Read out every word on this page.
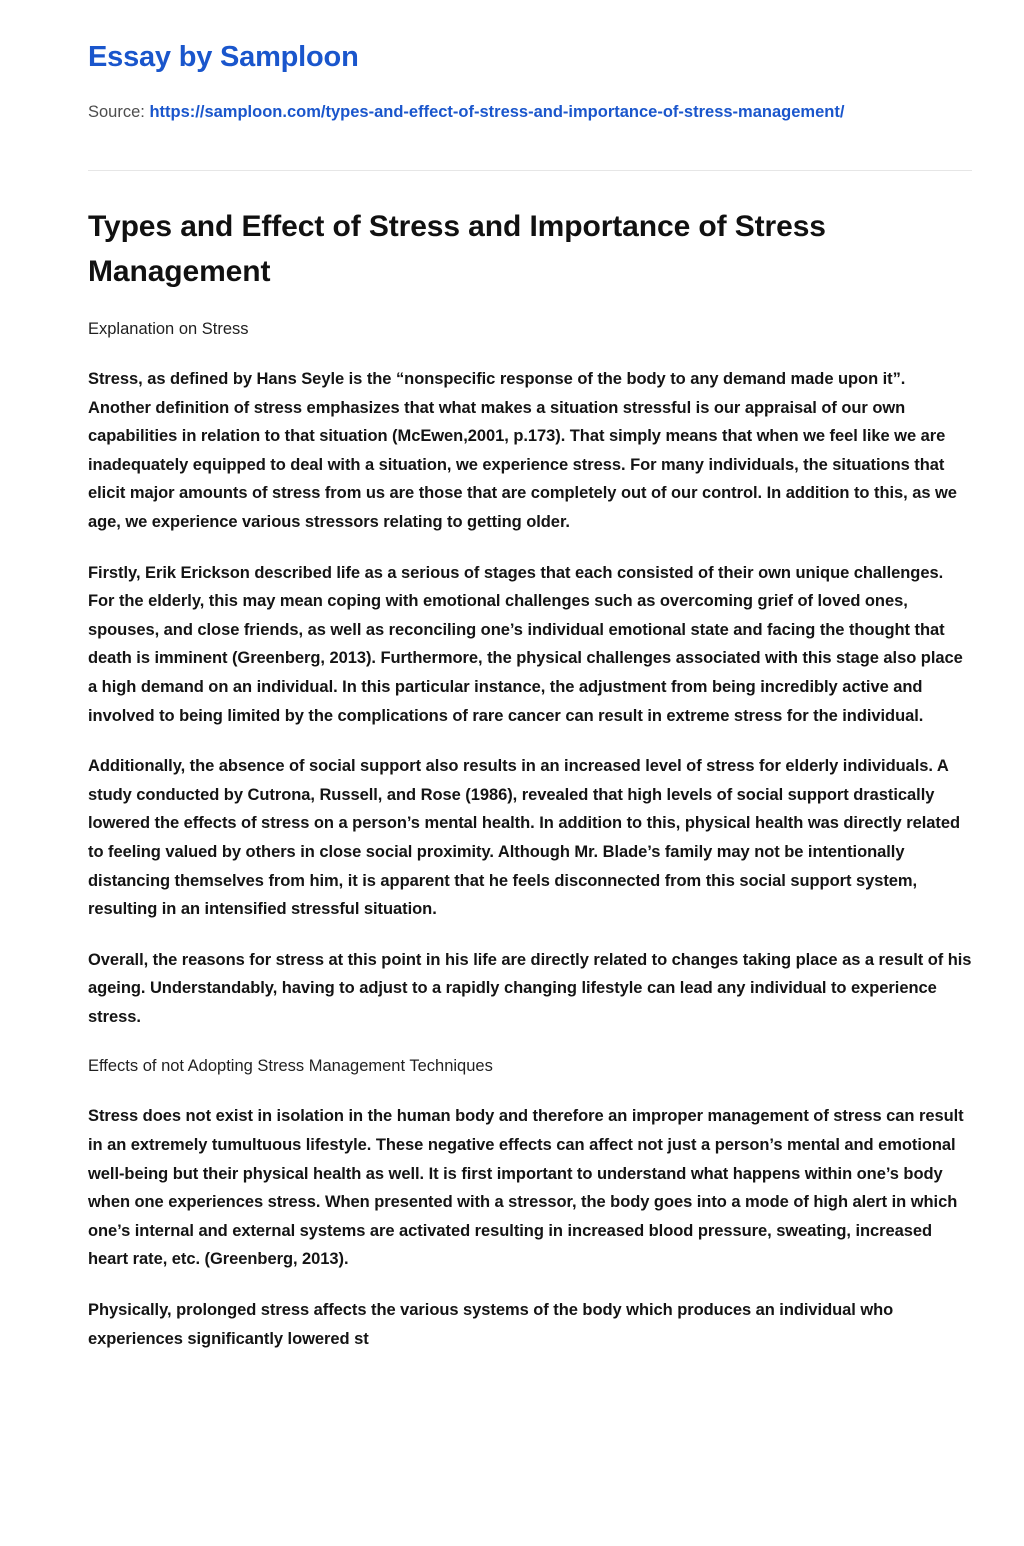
Essay by Samploon

Source: https://samploon.com/types-and-effect-of-stress-and-importance-of-stress-management/

Types and Effect of Stress and Importance of Stress Management
Explanation on Stress

Stress, as defined by Hans Seyle is the “nonspecific response of the body to any demand made upon it”. Another definition of stress emphasizes that what makes a situation stressful is our appraisal of our own capabilities in relation to that situation (McEwen,2001, p.173). That simply means that when we feel like we are inadequately equipped to deal with a situation, we experience stress. For many individuals, the situations that elicit major amounts of stress from us are those that are completely out of our control. In addition to this, as we age, we experience various stressors relating to getting older.

Firstly, Erik Erickson described life as a serious of stages that each consisted of their own unique challenges. For the elderly, this may mean coping with emotional challenges such as overcoming grief of loved ones, spouses, and close friends, as well as reconciling one’s individual emotional state and facing the thought that death is imminent (Greenberg, 2013). Furthermore, the physical challenges associated with this stage also place a high demand on an individual. In this particular instance, the adjustment from being incredibly active and involved to being limited by the complications of rare cancer can result in extreme stress for the individual.

Additionally, the absence of social support also results in an increased level of stress for elderly individuals. A study conducted by Cutrona, Russell, and Rose (1986), revealed that high levels of social support drastically lowered the effects of stress on a person’s mental health. In addition to this, physical health was directly related to feeling valued by others in close social proximity. Although Mr. Blade’s family may not be intentionally distancing themselves from him, it is apparent that he feels disconnected from this social support system, resulting in an intensified stressful situation.

Overall, the reasons for stress at this point in his life are directly related to changes taking place as a result of his ageing. Understandably, having to adjust to a rapidly changing lifestyle can lead any individual to experience stress.

Effects of not Adopting Stress Management Techniques

Stress does not exist in isolation in the human body and therefore an improper management of stress can result in an extremely tumultuous lifestyle. These negative effects can affect not just a person’s mental and emotional well-being but their physical health as well. It is first important to understand what happens within one’s body when one experiences stress. When presented with a stressor, the body goes into a mode of high alert in which one’s internal and external systems are activated resulting in increased blood pressure, sweating, increased heart rate, etc. (Greenberg, 2013).

Physically, prolonged stress affects the various systems of the body which produces an individual who experiences significantly lowered st
